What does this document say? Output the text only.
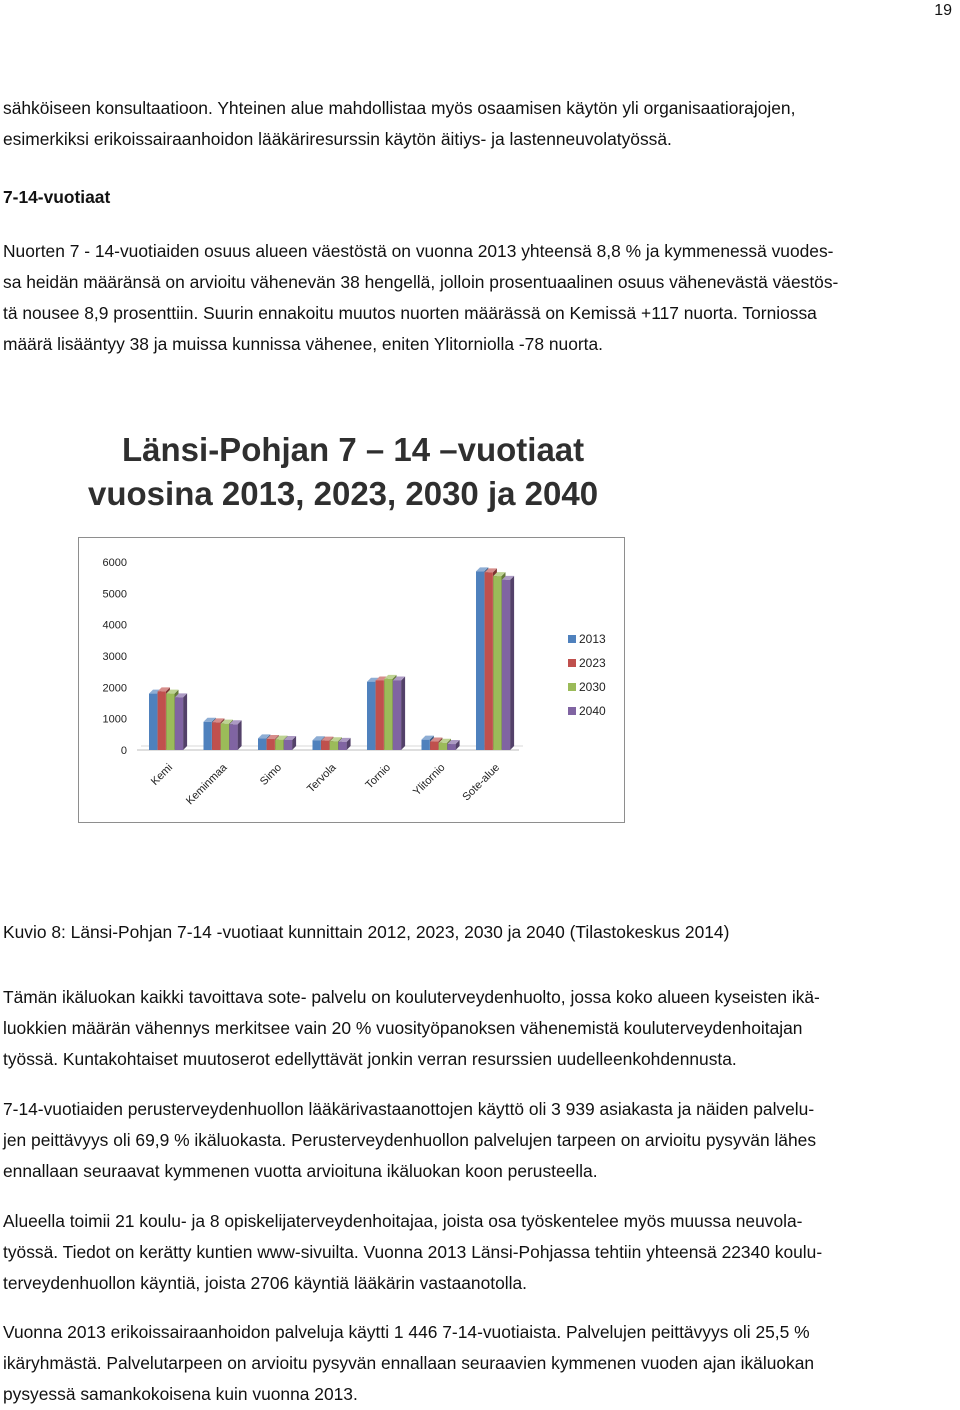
19
sähköiseen konsultaatioon. Yhteinen alue mahdollistaa myös osaamisen käytön yli organisaatiorajojen,
esimerkiksi erikoissairaanhoidon lääkäriresurssin käytön äitiys- ja lastenneuvolatyössä.
7-14-vuotiaat
Nuorten 7 - 14-vuotiaiden osuus alueen väestöstä on vuonna 2013 yhteensä 8,8 % ja kymmenessä vuodes-
sa heidän määränsä on arvioitu vähenevän 38 hengellä, jolloin prosentuaalinen osuus vähenevästä väestös-
tä nousee 8,9 prosenttiin. Suurin ennakoitu muutos nuorten määrässä on Kemissä +117 nuorta. Torniossa
määrä lisääntyy 38 ja muissa kunnissa vähenee, eniten Ylitorniolla -78 nuorta.
Länsi-Pohjan 7 – 14 –vuotiaat
vuosina 2013, 2023, 2030 ja 2040
0
1000
2000
3000
4000
5000
6000
Kemi Keminmaa	Simo Tervola Tornio Ylitornio Sote-alue
2013
2023
2030
2040

Kuvio 8: Länsi-Pohjan 7-14 -vuotiaat kunnittain 2012, 2023, 2030 ja 2040 (Tilastokeskus 2014)

Tämän ikäluokan kaikki tavoittava sote- palvelu on kouluterveydenhuolto, jossa koko alueen kyseisten ikä-
luokkien määrän vähennys merkitsee vain 20 % vuosityöpanoksen vähenemistä kouluterveydenhoitajan
työssä. Kuntakohtaiset muutoserot edellyttävät jonkin verran resurssien uudelleenkohdennusta.
7-14-vuotiaiden perusterveydenhuollon lääkärivastaanottojen käyttö oli 3 939 asiakasta ja näiden palvelu-
jen peittävyys oli 69,9 % ikäluokasta. Perusterveydenhuollon palvelujen tarpeen on arvioitu pysyvän lähes
ennallaan seuraavat kymmenen vuotta arvioituna ikäluokan koon perusteella.
Alueella toimii 21 koulu- ja 8 opiskelijaterveydenhoitajaa, joista osa työskentelee myös muussa neuvola-
työssä. Tiedot on kerätty kuntien www-sivuilta. Vuonna 2013 Länsi-Pohjassa tehtiin yhteensä 22340 koulu-
terveydenhuollon käyntiä, joista 2706 käyntiä lääkärin vastaanotolla.
Vuonna 2013 erikoissairaanhoidon palveluja käytti 1 446 7-14-vuotiaista. Palvelujen peittävyys oli 25,5 %
ikäryhmästä. Palvelutarpeen on arvioitu pysyvän ennallaan seuraavien kymmenen vuoden ajan ikäluokan
pysyessä samankokoisena kuin vuonna 2013.
